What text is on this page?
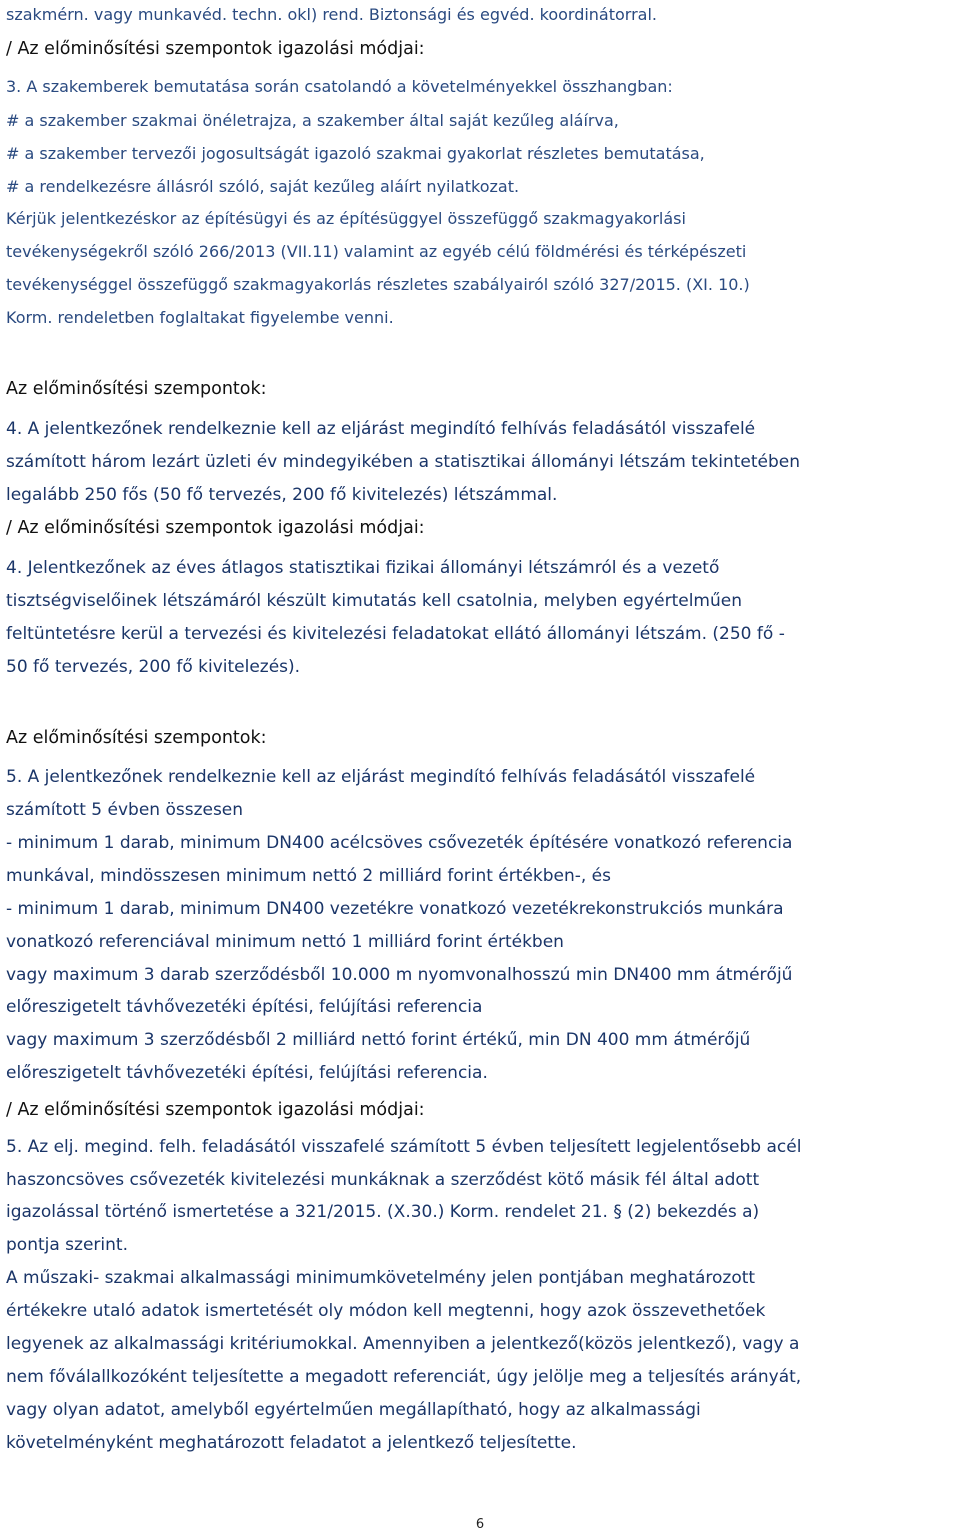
szakmérn. vagy munkavéd. techn. okl) rend. Biztonsági és egvéd. koordinátorral.
/ Az előminősítési szempontok igazolási módjai:
3. A szakemberek bemutatása során csatolandó a követelményekkel összhangban:
# a szakember szakmai önéletrajza, a szakember által saját kezűleg aláírva,
# a szakember tervezői jogosultságát igazoló szakmai gyakorlat részletes bemutatása,
# a rendelkezésre állásról szóló, saját kezűleg aláírt nyilatkozat.
Kérjük jelentkezéskor az építésügyi és az építésüggyel összefüggő szakmagyakorlási
tevékenységekről szóló 266/2013 (VII.11) valamint az egyéb célú földmérési és térképészeti
tevékenységgel összefüggő szakmagyakorlás részletes szabályairól szóló 327/2015. (XI. 10.)
Korm. rendeletben foglaltakat figyelembe venni.
Az előminősítési szempontok:
4. A jelentkezőnek rendelkeznie kell az eljárást megindító felhívás feladásától visszafelé
számított három lezárt üzleti év mindegyikében a statisztikai állományi létszám tekintetében
legalább 250 fős (50 fő tervezés, 200 fő kivitelezés) létszámmal.
/ Az előminősítési szempontok igazolási módjai:
4. Jelentkezőnek az éves átlagos statisztikai fizikai állományi létszámról és a vezető
tisztségviselőinek létszámáról készült kimutatás kell csatolnia, melyben egyértelműen
feltüntetésre kerül a tervezési és kivitelezési feladatokat ellátó állományi létszám. (250 fő -
50 fő tervezés, 200 fő kivitelezés).
Az előminősítési szempontok:
5. A jelentkezőnek rendelkeznie kell az eljárást megindító felhívás feladásától visszafelé
számított 5 évben összesen
- minimum 1 darab, minimum DN400 acélcsöves csővezeték építésére vonatkozó referencia
munkával, mindösszesen minimum nettó 2 milliárd forint értékben-, és
- minimum 1 darab, minimum DN400 vezetékre vonatkozó vezetékrekonstrukciós munkára
vonatkozó referenciával minimum nettó 1 milliárd forint értékben
vagy maximum 3 darab szerződésből 10.000 m nyomvonalhosszú min DN400 mm átmérőjű
előreszigetelt távhővezetéki építési, felújítási referencia
vagy maximum 3 szerződésből 2 milliárd nettó forint értékű, min DN 400 mm átmérőjű
előreszigetelt távhővezetéki építési, felújítási referencia.
/ Az előminősítési szempontok igazolási módjai:
5. Az elj. megind. felh. feladásától visszafelé számított 5 évben teljesített legjelentősebb acél
haszoncsöves csővezeték kivitelezési munkáknak a szerződést kötő másik fél által adott
igazolással történő ismertetése a 321/2015. (X.30.) Korm. rendelet 21. § (2) bekezdés a)
pontja szerint.
A műszaki- szakmai alkalmassági minimumkövetelmény jelen pontjában meghatározott
értékekre utaló adatok ismertetését oly módon kell megtenni, hogy azok összevethetőek
legyenek az alkalmassági kritériumokkal. Amennyiben a jelentkező(közös jelentkező), vagy a
nem főválallkozóként teljesítette a megadott referenciát, úgy jelölje meg a teljesítés arányát,
vagy olyan adatot, amelyből egyértelműen megállapítható, hogy az alkalmassági
követelményként meghatározott feladatot a jelentkező teljesítette.
6
